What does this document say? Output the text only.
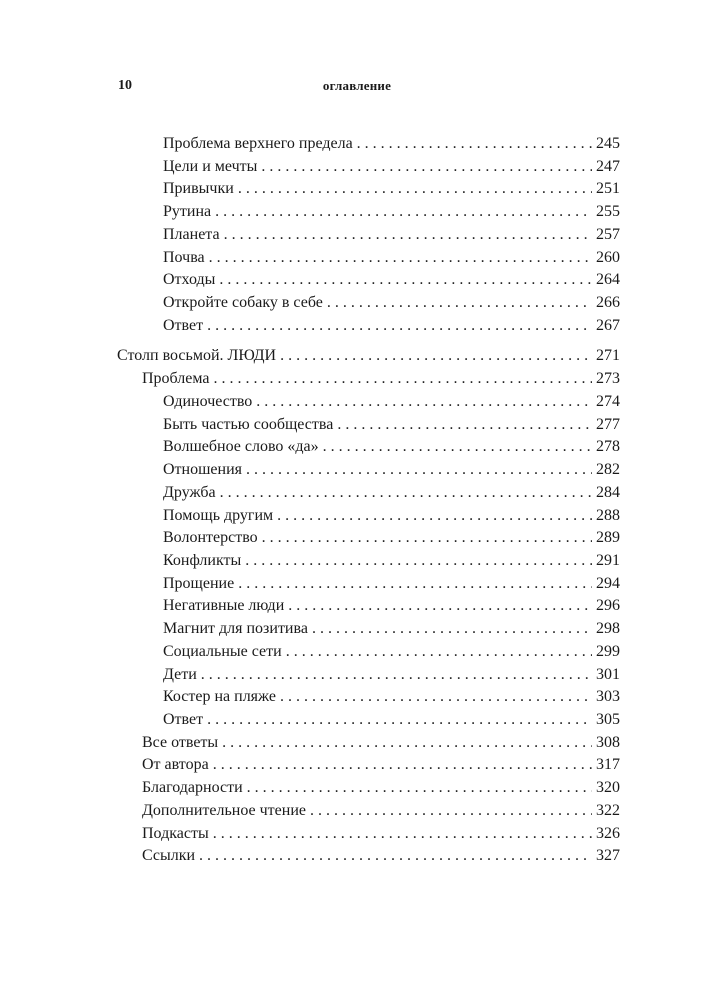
10	оглавление
Проблема верхнего предела . . .	245
Цели и мечты . . .	247
Привычки . . .	251
Рутина . . .	255
Планета . . .	257
Почва . . .	260
Отходы . . .	264
Откройте собаку в себе . . .	266
Ответ . . .	267
Столп восьмой. ЛЮДИ . . .	271
Проблема . . .	273
Одиночество . . .	274
Быть частью сообщества . . .	277
Волшебное слово «да» . . .	278
Отношения . . .	282
Дружба . . .	284
Помощь другим . . .	288
Волонтерство . . .	289
Конфликты . . .	291
Прощение . . .	294
Негативные люди . . .	296
Магнит для позитива . . .	298
Социальные сети . . .	299
Дети . . .	301
Костер на пляже . . .	303
Ответ . . .	305
Все ответы . . .	308
От автора . . .	317
Благодарности . . .	320
Дополнительное чтение . . .	322
Подкасты . . .	326
Ссылки . . .	327
